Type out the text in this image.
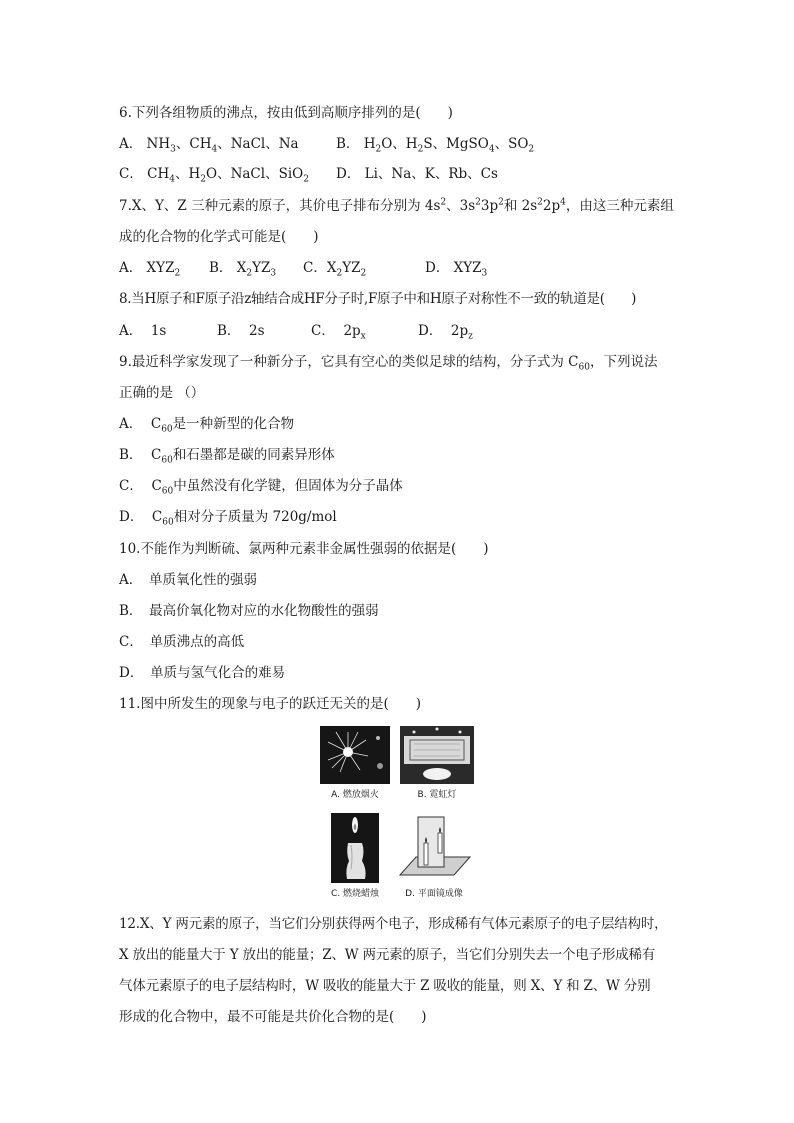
6.下列各组物质的沸点，按由低到高顺序排列的是(　　)
A． $NH_3$、$CH_4$、NaCl、Na	B． $H_2O$、$H_2S$、MgSO$_4$、$SO_2$
C． $CH_4$、$H_2O$、NaCl、SiO$_2$ D． Li、Na、K、Rb、Cs
7.X、Y、Z 三种元素的原子，其价电子排布分别为 $4s^2$、$3s^23p^2$和 $2s^22p^4$，由这三种元素组
成的化合物的化学式可能是(　　)
A． $XYZ_2$ B． $X_2YZ_3$ C．$X_2YZ_2$	D． $XYZ_3$
8.当H原子和F原子沿z轴结合成HF分子时,F原子中和H原子对称性不一致的轨道是(　　)
A． 1s	B． 2s	C． $2p_x$	D． $2p_z$
9.最近科学家发现了一种新分子，它具有空心的类似足球的结构，分子式为 $C_{60}$，下列说法
正确的是 （）
A． $C_{60}$是一种新型的化合物
B． $C_{60}$和石墨都是碳的同素异形体
C． $C_{60}$中虽然没有化学键，但固体为分子晶体
D． $C_{60}$相对分子质量为 720g/mol
10.不能作为判断硫、氯两种元素非金属性强弱的依据是(　　)
A．　单质氧化性的强弱
B．　最高价氧化物对应的水化物酸性的强弱
C．　单质沸点的高低
D．　单质与氢气化合的难易
11.图中所发生的现象与电子的跃迁无关的是(　　)
A. 燃放烟火	B. 霓虹灯
C. 燃烧蜡烛	D. 平面镜成像
12.X、Y 两元素的原子，当它们分别获得两个电子，形成稀有气体元素原子的电子层结构时，
X 放出的能量大于 Y 放出的能量；Z、W 两元素的原子，当它们分别失去一个电子形成稀有
气体元素原子的电子层结构时，W 吸收的能量大于 Z 吸收的能量，则 X、Y 和 Z、W 分别
形成的化合物中，最不可能是共价化合物的是(　　)
